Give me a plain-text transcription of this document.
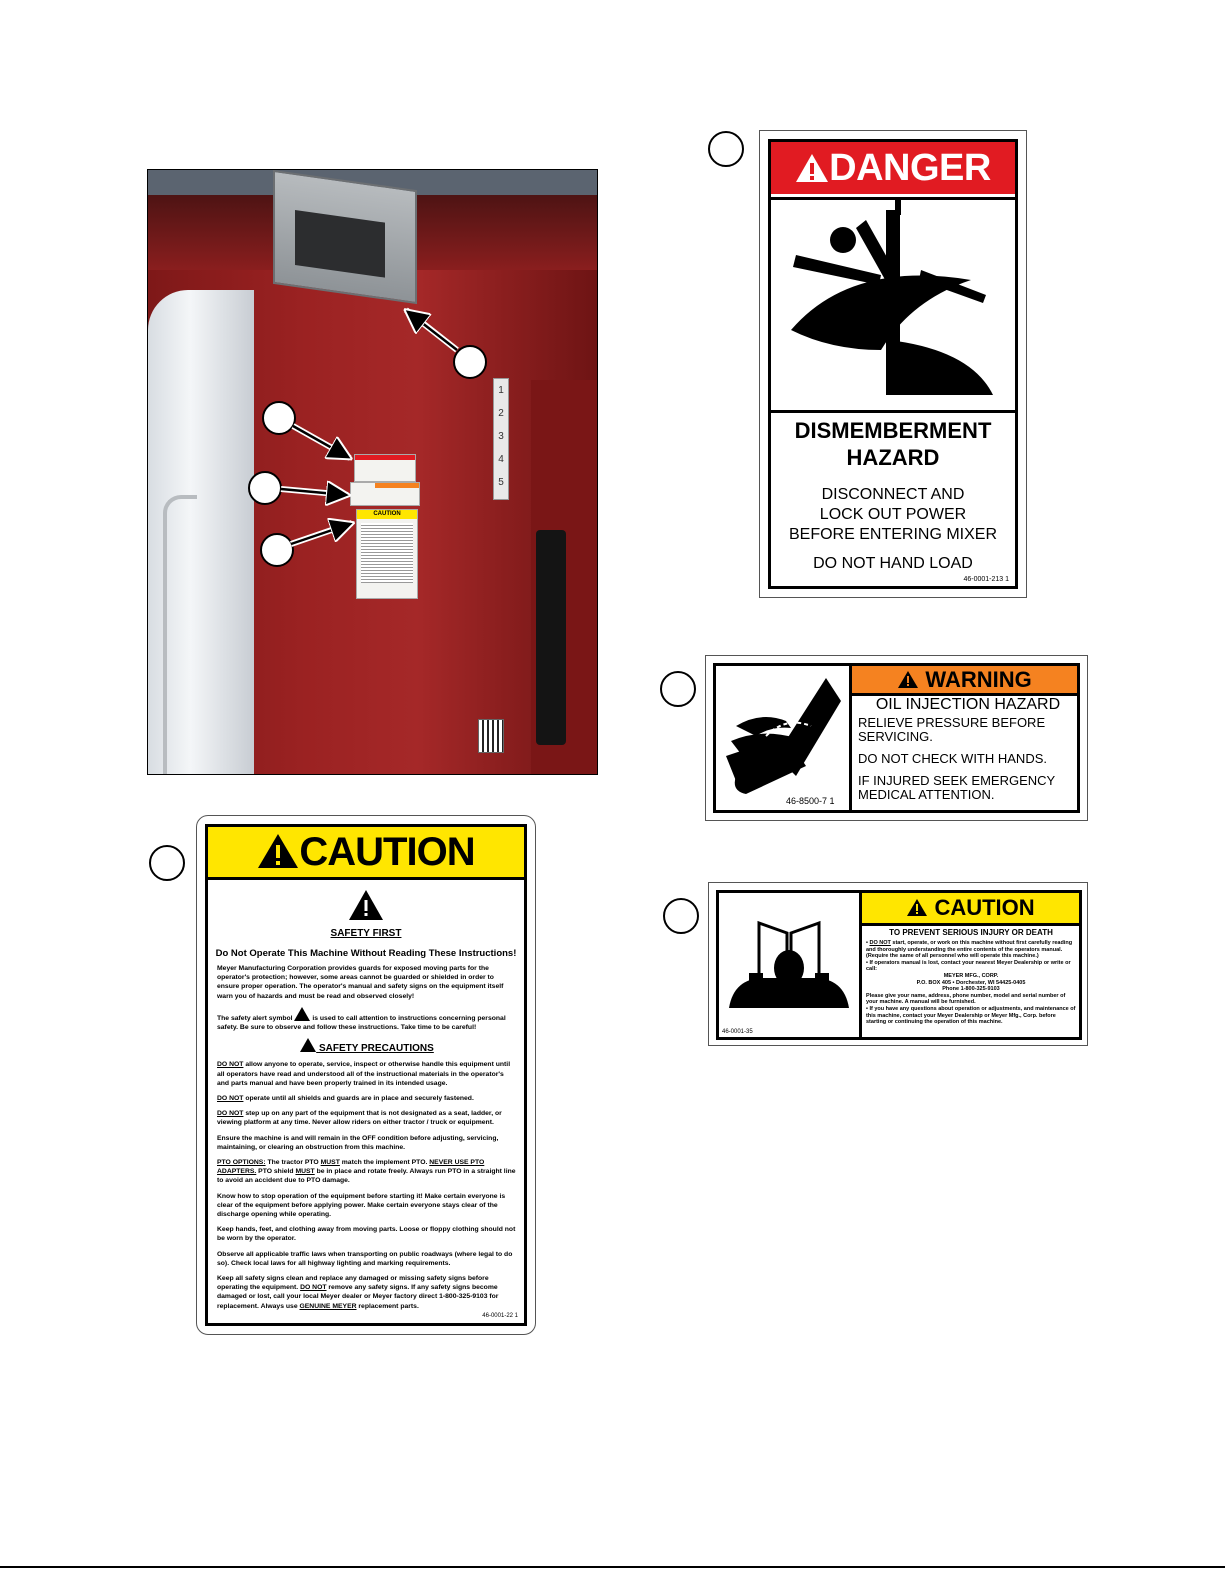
1
2
3
4
5
CAUTION
DANGER
DISMEMBERMENT HAZARD
DISCONNECT AND
LOCK OUT POWER
BEFORE ENTERING MIXER
DO NOT HAND LOAD
46-0001-213 1
WARNING
OIL INJECTION HAZARD

RELIEVE PRESSURE BEFORE SERVICING.

DO NOT CHECK WITH HANDS.

IF INJURED SEEK EMERGENCY MEDICAL ATTENTION.

46-8500-7 1
CAUTION
TO PREVENT SERIOUS INJURY OR DEATH
• DO NOT start, operate, or work on this machine without first carefully reading and thoroughly understanding the entire contents of the operators manual. (Require the same of all personnel who will operate this machine.)
• If operators manual is lost, contact your nearest Meyer Dealership or write or call:
MEYER MFG., CORP.
P.O. BOX 405 • Dorchester, WI 54425-0405
Phone 1-800-325-9103
Please give your name, address, phone number, model and serial number of your machine. A manual will be furnished.
• If you have any questions about operation or adjustments, and maintenance of this machine, contact your Meyer Dealership or Meyer Mfg., Corp. before starting or continuing the operation of this machine.
46-0001-35
CAUTION
SAFETY FIRST
Do Not Operate This Machine Without Reading These Instructions!

Meyer Manufacturing Corporation provides guards for exposed moving parts for the operator's protection; however, some areas cannot be guarded or shielded in order to ensure proper operation. The operator's manual and safety signs on the equipment itself warn you of hazards and must be read and observed closely!

The safety alert symbol	is used to call attention to instructions concerning personal safety. Be sure to observe and follow these instructions. Take time to be careful!

SAFETY PRECAUTIONS

DO NOT allow anyone to operate, service, inspect or otherwise handle this equipment until all operators have read and understood all of the instructional materials in the operator's and parts manual and have been properly trained in its intended usage.

DO NOT operate until all shields and guards are in place and securely fastened.

DO NOT step up on any part of the equipment that is not designated as a seat, ladder, or viewing platform at any time. Never allow riders on either tractor / truck or equipment.

Ensure the machine is and will remain in the OFF condition before adjusting, servicing, maintaining, or clearing an obstruction from this machine.

PTO OPTIONS: The tractor PTO MUST match the implement PTO. NEVER USE PTO ADAPTERS. PTO shield MUST be in place and rotate freely. Always run PTO in a straight line to avoid an accident due to PTO damage.

Know how to stop operation of the equipment before starting it! Make certain everyone is clear of the equipment before applying power. Make certain everyone stays clear of the discharge opening while operating.

Keep hands, feet, and clothing away from moving parts. Loose or floppy clothing should not be worn by the operator.

Observe all applicable traffic laws when transporting on public roadways (where legal to do so). Check local laws for all highway lighting and marking requirements.

Keep all safety signs clean and replace any damaged or missing safety signs before operating the equipment. DO NOT remove any safety signs. If any safety signs become damaged or lost, call your local Meyer dealer or Meyer factory direct 1-800-325-9103 for replacement. Always use GENUINE MEYER replacement parts.

46-0001-22 1
